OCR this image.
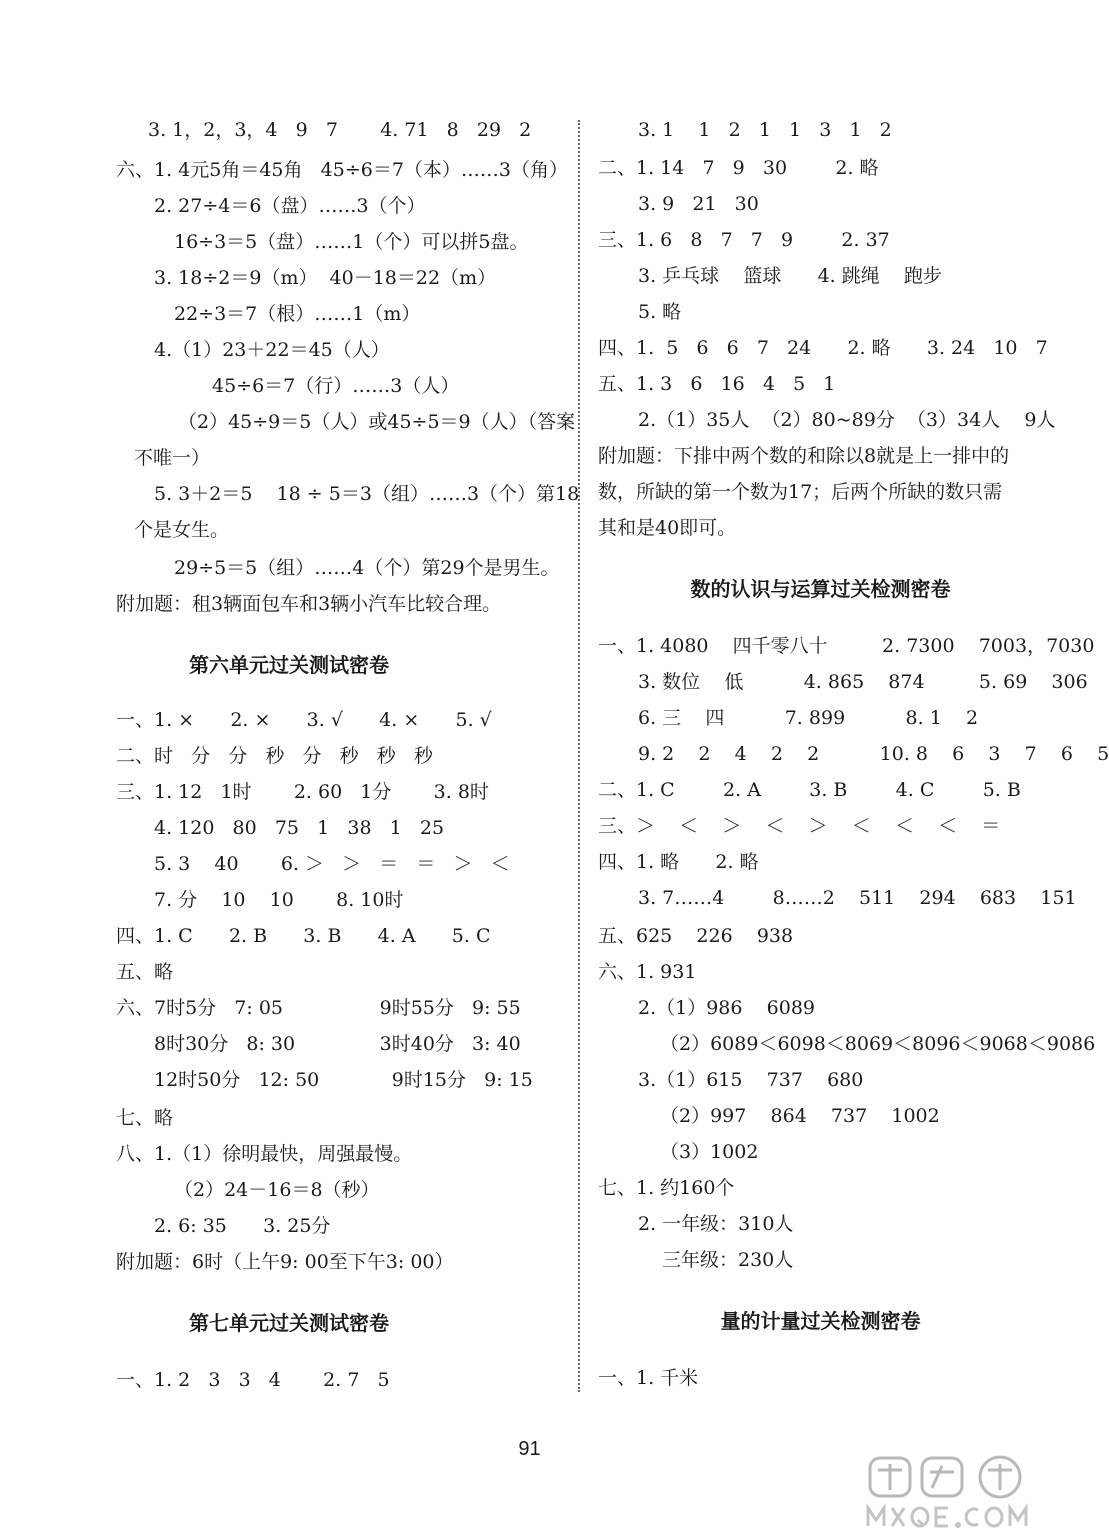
3. 1，2，3，4   9   7       4. 71   8   29   2
六、1. 4元5角＝45角   45÷6＝7（本）……3（角）
2. 27÷4＝6（盘）……3（个）
16÷3＝5（盘）……1（个）可以拼5盘。
3. 18÷2＝9（m）  40－18＝22（m）
22÷3＝7（根）……1（m）
4.（1）23＋22＝45（人）
45÷6＝7（行）……3（人）
（2）45÷9＝5（人）或45÷5＝9（人）（答案
不唯一）
5. 3＋2＝5    18 ÷ 5＝3（组）……3（个）第18
个是女生。
29÷5＝5（组）……4（个）第29个是男生。
附加题：租3辆面包车和3辆小汽车比较合理。
第六单元过关测试密卷
一、1. ×      2. ×      3. √      4. ×      5. √
二、时   分   分   秒   分   秒   秒   秒
三、1. 12   1时       2. 60   1分       3. 8时
4. 120   80   75   1   38   1   25
5. 3    40       6. ＞   ＞   ＝   ＝   ＞   ＜
7. 分    10    10       8. 10时
四、1. C      2. B      3. B      4. A      5. C
五、略
六、7时5分   7: 05                9时55分   9: 55
8时30分   8: 30              3时40分   3: 40
12时50分   12: 50            9时15分   9: 15
七、略
八、1.（1）徐明最快，周强最慢。
（2）24－16＝8（秒）
2. 6: 35      3. 25分
附加题：6时（上午9: 00至下午3: 00）
第七单元过关测试密卷
一、1. 2   3   3   4       2. 7   5
3. 1    1   2   1   1   3   1   2
二、1. 14   7   9   30        2. 略
3. 9   21   30
三、1. 6   8   7   7   9        2. 37
3. 乒乓球    篮球      4. 跳绳    跑步
5. 略
四、1.  5   6   6   7   24      2. 略      3. 24   10   7
五、1. 3   6   16   4   5   1
2.（1）35人  （2）80~89分  （3）34人    9人
附加题：下排中两个数的和除以8就是上一排中的
数，所缺的第一个数为17；后两个所缺的数只需
其和是40即可。
数的认识与运算过关检测密卷
一、1. 4080    四千零八十         2. 7300    7003，7030
3. 数位    低          4. 865    874         5. 69    306
6. 三    四          7. 899          8. 1    2
9. 2    2    4    2    2          10. 8    6    3    7    6    5
二、1. C        2. A        3. B        4. C        5. B
三、＞    ＜    ＞    ＜    ＞    ＜    ＜    ＜    ＝
四、1. 略      2. 略
3. 7……4        8……2    511    294    683    151
五、625    226    938
六、1. 931
2.（1）986    6089
（2）6089＜6098＜8069＜8096＜9068＜9086
3.（1）615    737    680
（2）997    864    737    1002
（3）1002
七、1. 约160个
2. 一年级：310人
三年级：230人
量的计量过关检测密卷
一、1. 千米
91
